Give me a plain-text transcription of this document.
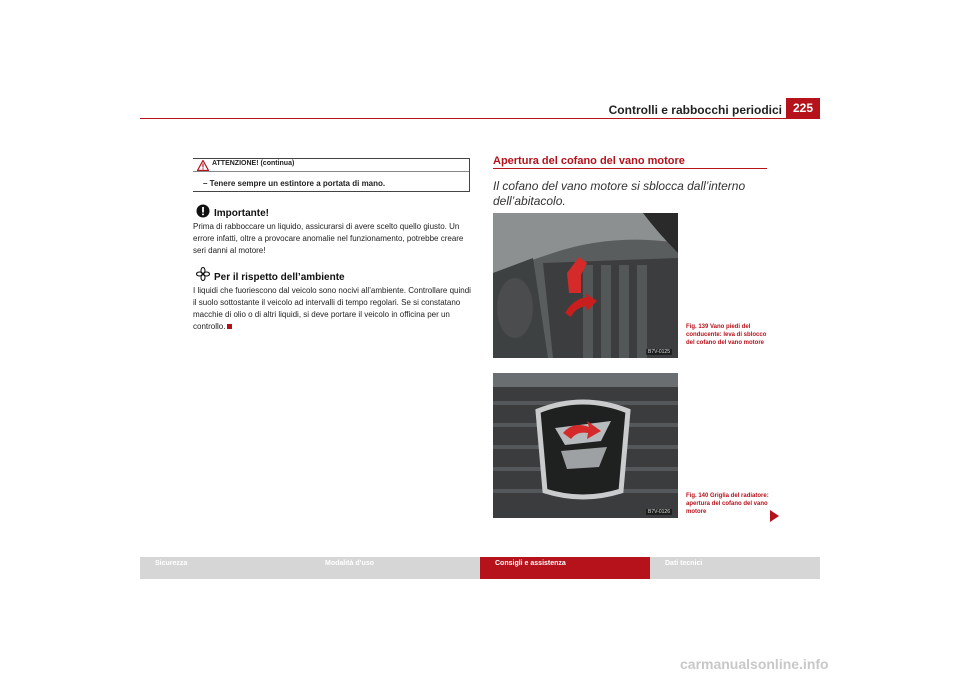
Controlli e rabbocchi periodici 225
ATTENZIONE! (continua)
– Tenere sempre un estintore a portata di mano.
Importante!
Prima di rabboccare un liquido, assicurarsi di avere scelto quello giusto. Un errore infatti, oltre a provocare anomalie nel funzionamento, potrebbe creare seri danni al motore!
Per il rispetto dell’ambiente
I liquidi che fuoriescono dal veicolo sono nocivi all’ambiente. Controllare quindi il suolo sottostante il veicolo ad intervalli di tempo regolari. Se si constatano macchie di olio o di altri liquidi, si deve portare il veicolo in officina per un controllo.
Apertura del cofano del vano motore
Il cofano del vano motore si sblocca dall’interno dell’abitacolo.
B7V-0125
Fig. 139 Vano piedi del conducente: leva di sblocco del cofano del vano motore
B7V-0126
Fig. 140 Griglia del radiatore: apertura del cofano del vano motore
Sicurezza	Modalità d’uso	Consigli e assistenza	Dati tecnici
carmanualsonline.info
